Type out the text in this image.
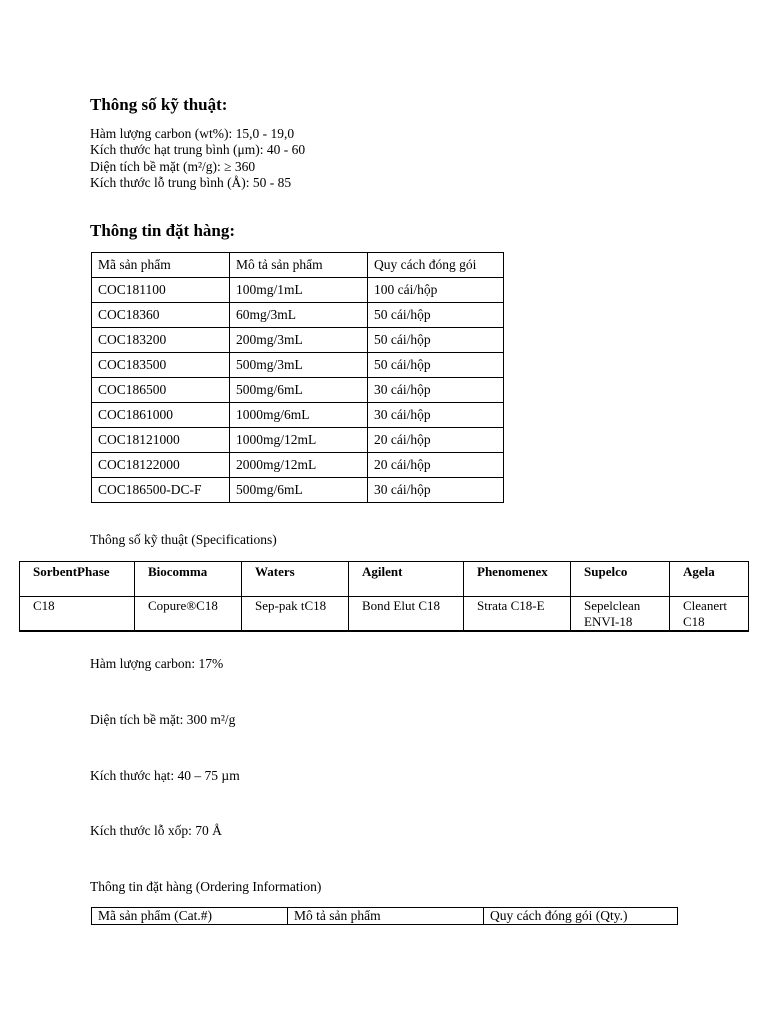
Thông số kỹ thuật:
Hàm lượng carbon (wt%): 15,0 - 19,0
Kích thước hạt trung bình (μm): 40 - 60
Diện tích bề mặt (m²/g): ≥ 360
Kích thước lỗ trung bình (Å): 50 - 85
Thông tin đặt hàng:
Mã sản phẩm	Mô tả sản phẩm	Quy cách đóng gói
COC181100	100mg/1mL	100 cái/hộp
COC18360	60mg/3mL	50 cái/hộp
COC183200	200mg/3mL	50 cái/hộp
COC183500	500mg/3mL	50 cái/hộp
COC186500	500mg/6mL	30 cái/hộp
COC1861000	1000mg/6mL	30 cái/hộp
COC18121000	1000mg/12mL	20 cái/hộp
COC18122000	2000mg/12mL	20 cái/hộp
COC186500-DC-F	500mg/6mL	30 cái/hộp
Thông số kỹ thuật (Specifications)
SorbentPhase	Biocomma	Waters	Agilent	Phenomenex	Supelco	Agela
C18	Copure®C18	Sep-pak tC18	Bond Elut C18	Strata C18-E	Sepelclean ENVI-18	Cleanert C18
Hàm lượng carbon: 17%
Diện tích bề mặt: 300 m²/g
Kích thước hạt: 40 – 75 µm
Kích thước lỗ xốp: 70 Å
Thông tin đặt hàng (Ordering Information)
Mã sản phẩm (Cat.#)	Mô tả sản phẩm	Quy cách đóng gói (Qty.)
